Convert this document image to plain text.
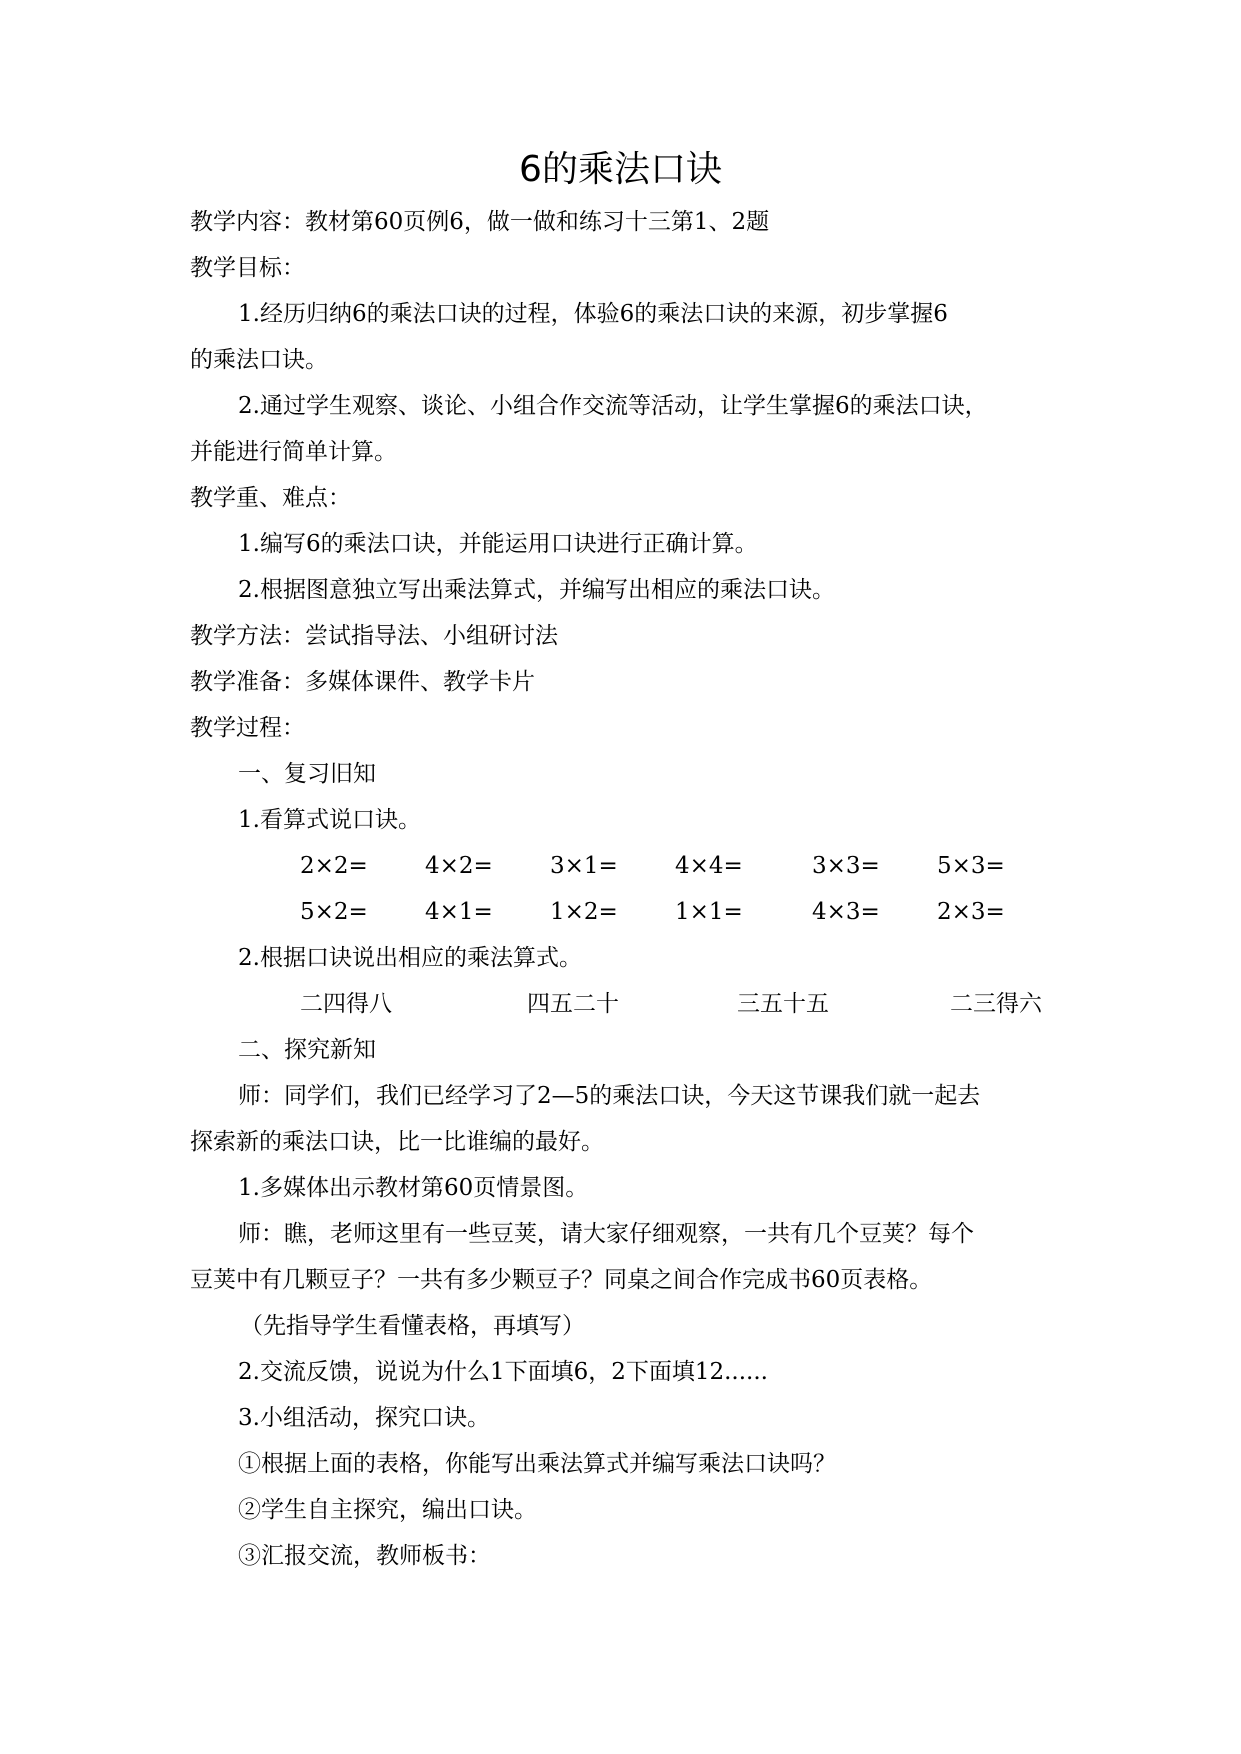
6的乘法口诀
教学内容：教材第60页例6，做一做和练习十三第1、2题
教学目标：
1.经历归纳6的乘法口诀的过程，体验6的乘法口诀的来源，初步掌握6
的乘法口诀。
2.通过学生观察、谈论、小组合作交流等活动，让学生掌握6的乘法口诀，
并能进行简单计算。
教学重、难点：
1.编写6的乘法口诀，并能运用口诀进行正确计算。
2.根据图意独立写出乘法算式，并编写出相应的乘法口诀。
教学方法：尝试指导法、小组研讨法
教学准备：多媒体课件、教学卡片
教学过程：
一、复习旧知
1.看算式说口诀。
2×2= 4×2= 3×1= 4×4=	3×3= 5×3=
5×2= 4×1= 1×2= 1×1=	4×3= 2×3=
2.根据口诀说出相应的乘法算式。
二四得八	四五二十	三五十五	二三得六
二、探究新知
师：同学们，我们已经学习了2—5的乘法口诀，今天这节课我们就一起去
探索新的乘法口诀，比一比谁编的最好。
1.多媒体出示教材第60页情景图。
师：瞧，老师这里有一些豆荚，请大家仔细观察，一共有几个豆荚？每个
豆荚中有几颗豆子？一共有多少颗豆子？同桌之间合作完成书60页表格。
（先指导学生看懂表格，再填写）
2.交流反馈，说说为什么1下面填6，2下面填12......
3.小组活动，探究口诀。
①根据上面的表格，你能写出乘法算式并编写乘法口诀吗？
②学生自主探究，编出口诀。
③汇报交流，教师板书：
